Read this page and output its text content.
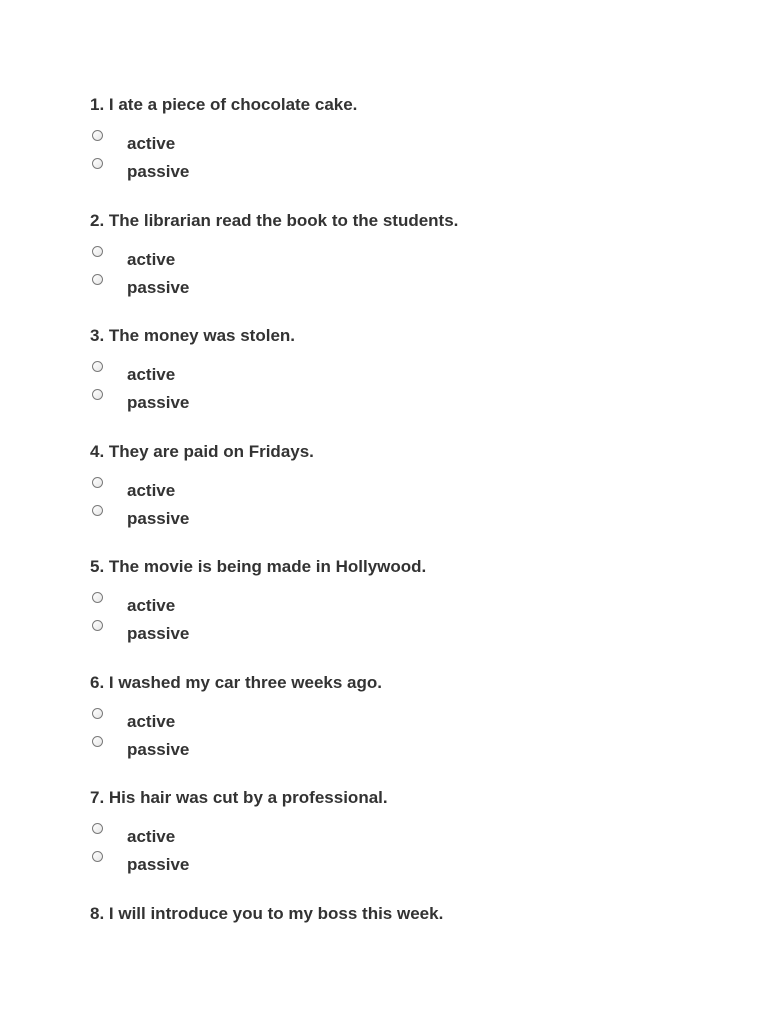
1. I ate a piece of chocolate cake.
active
passive
2. The librarian read the book to the students.
active
passive
3. The money was stolen.
active
passive
4. They are paid on Fridays.
active
passive
5. The movie is being made in Hollywood.
active
passive
6. I washed my car three weeks ago.
active
passive
7. His hair was cut by a professional.
active
passive
8. I will introduce you to my boss this week.
